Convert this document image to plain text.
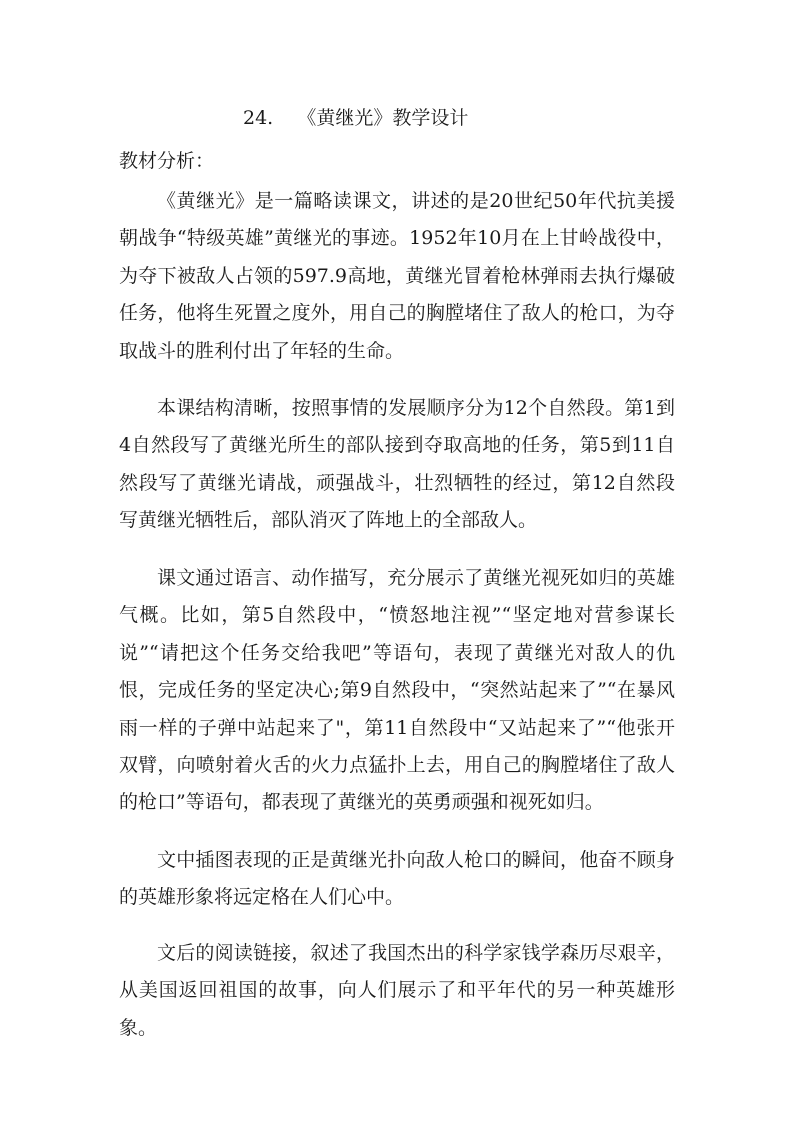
24.    《黄继光》教学设计
教材分析：

《黄继光》是一篇略读课文，讲述的是20世纪50年代抗美援朝战争“特级英雄”黄继光的事迹。1952年10月在上甘岭战役中，为夺下被敌人占领的597.9高地，黄继光冒着枪林弹雨去执行爆破任务，他将生死置之度外，用自己的胸膛堵住了敌人的枪口，为夺取战斗的胜利付出了年轻的生命。

本课结构清晰，按照事情的发展顺序分为12个自然段。第1到4自然段写了黄继光所生的部队接到夺取高地的任务，第5到11自然段写了黄继光请战，顽强战斗，壮烈牺牲的经过，第12自然段写黄继光牺牲后，部队消灭了阵地上的全部敌人。

课文通过语言、动作描写，充分展示了黄继光视死如归的英雄气概。比如，第5自然段中，“愤怒地注视”“坚定地对营参谋长说”“请把这个任务交给我吧”等语句，表现了黄继光对敌人的仇恨，完成任务的坚定决心;第9自然段中，“突然站起来了”“在暴风雨一样的子弹中站起来了"，第11自然段中“又站起来了”“他张开双臂，向喷射着火舌的火力点猛扑上去，用自己的胸膛堵住了敌人的枪口”等语句，都表现了黄继光的英勇顽强和视死如归。

文中插图表现的正是黄继光扑向敌人枪口的瞬间，他奋不顾身的英雄形象将远定格在人们心中。

文后的阅读链接，叙述了我国杰出的科学家钱学森历尽艰辛，从美国返回祖国的故事，向人们展示了和平年代的另一种英雄形象。
